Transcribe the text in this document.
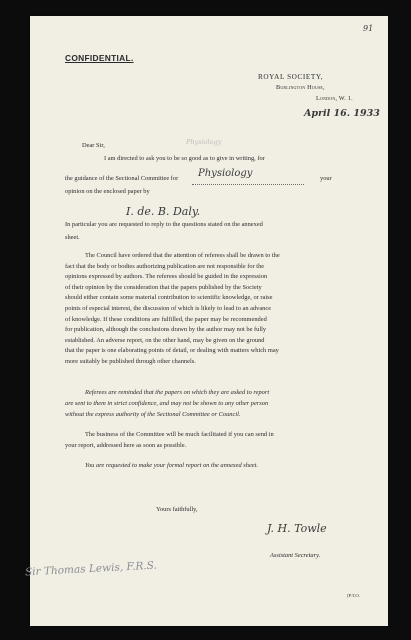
91
CONFIDENTIAL.
ROYAL SOCIETY,
Burlington House,
London, W. 1.
April 16. 1933
Dear Sir,	Physiology
I am directed to ask you to be so good as to give in writing, for
the guidance of the Sectional Committee for Physiology	your
opinion on the enclosed paper by
I. de. B. Daly.
In particular you are requested to reply to the questions stated on the annexed
sheet.
The Council have ordered that the attention of referees shall be drawn to the
fact that the body or bodies authorizing publication are not responsible for the
opinions expressed by authors. The referees should be guided in the expression
of their opinion by the consideration that the papers published by the Society
should either contain some material contribution to scientific knowledge, or raise
points of especial interest, the discussion of which is likely to lead to an advance
of knowledge. If these conditions are fulfilled, the paper may be recommended
for publication, although the conclusions drawn by the author may not be fully
established. An adverse report, on the other hand, may be given on the ground
that the paper is one elaborating points of detail, or dealing with matters which may
more suitably be published through other channels.
Referees are reminded that the papers on which they are asked to report
are sent to them in strict confidence, and may not be shown to any other person
without the express authority of the Sectional Committee or Council.
The business of the Committee will be much facilitated if you can send in
your report, addressed here as soon as possible.
You are requested to make your formal report on the annexed sheet.
Yours faithfully,
J. H. Towle
Assistant Secretary.
Sir Thomas Lewis, F.R.S.
[P.T.O.
